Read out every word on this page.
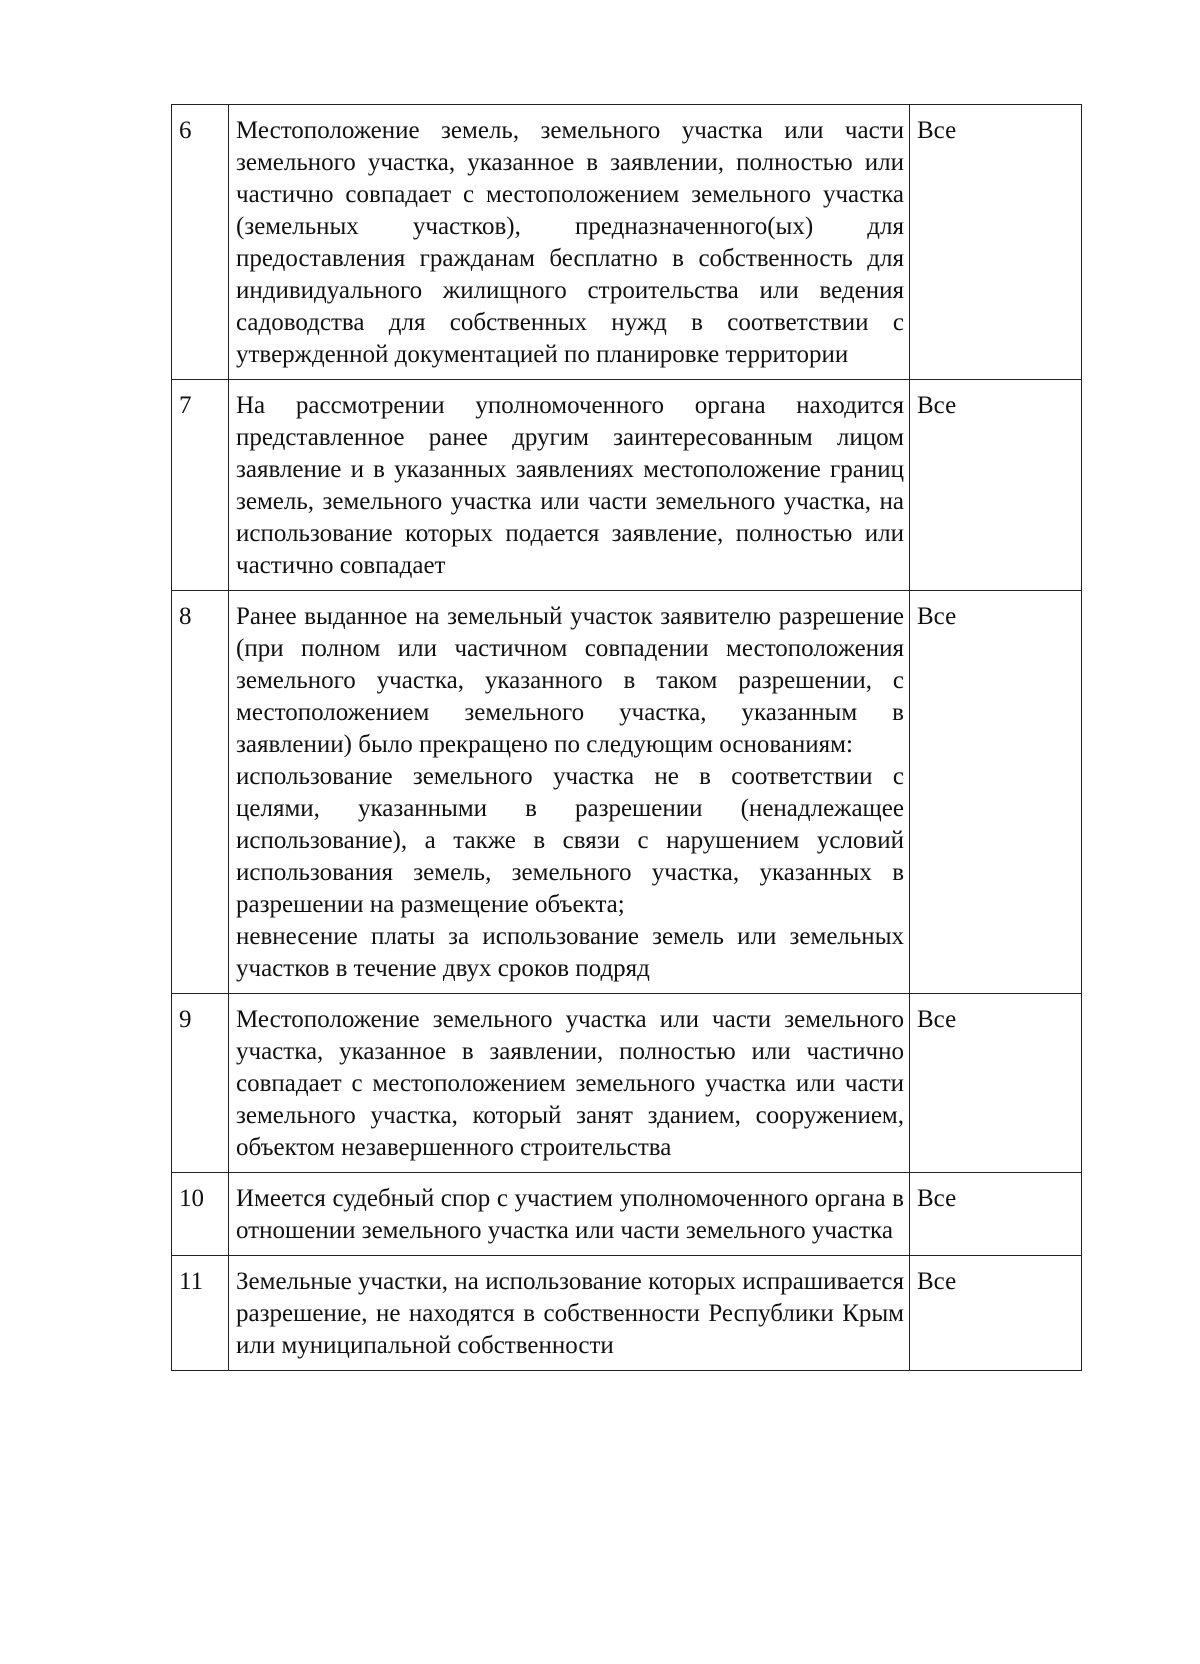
6	Местоположение земель, земельного участка или части земельного участка, указанное в заявлении, полностью или частично совпадает с местоположением земельного участка (земельных участков), предназначенного(ых) для предоставления гражданам бесплатно в собственность для индивидуального жилищного строительства или ведения садоводства для собственных нужд в соответствии с утвержденной документацией по планировке территории	Все
7	На рассмотрении уполномоченного органа находится представленное ранее другим заинтересованным лицом заявление и в указанных заявлениях местоположение границ земель, земельного участка или части земельного участка, на использование которых подается заявление, полностью или частично совпадает	Все
8	Ранее выданное на земельный участок заявителю разрешение (при полном или частичном совпадении местоположения земельного участка, указанного в таком разрешении, с местоположением земельного участка, указанным в заявлении) было прекращено по следующим основаниям:
использование земельного участка не в соответствии с целями, указанными в разрешении (ненадлежащее использование), а также в связи с нарушением условий использования земель, земельного участка, указанных в разрешении на размещение объекта;
невнесение платы за использование земель или земельных участков в течение двух сроков подряд	Все
9	Местоположение земельного участка или части земельного участка, указанное в заявлении, полностью или частично совпадает с местоположением земельного участка или части земельного участка, который занят зданием, сооружением, объектом незавершенного строительства	Все
10	Имеется судебный спор с участием уполномоченного органа в отношении земельного участка или части земельного участка	Все
11	Земельные участки, на использование которых испрашивается разрешение, не находятся в собственности Республики Крым или муниципальной собственности	Все
